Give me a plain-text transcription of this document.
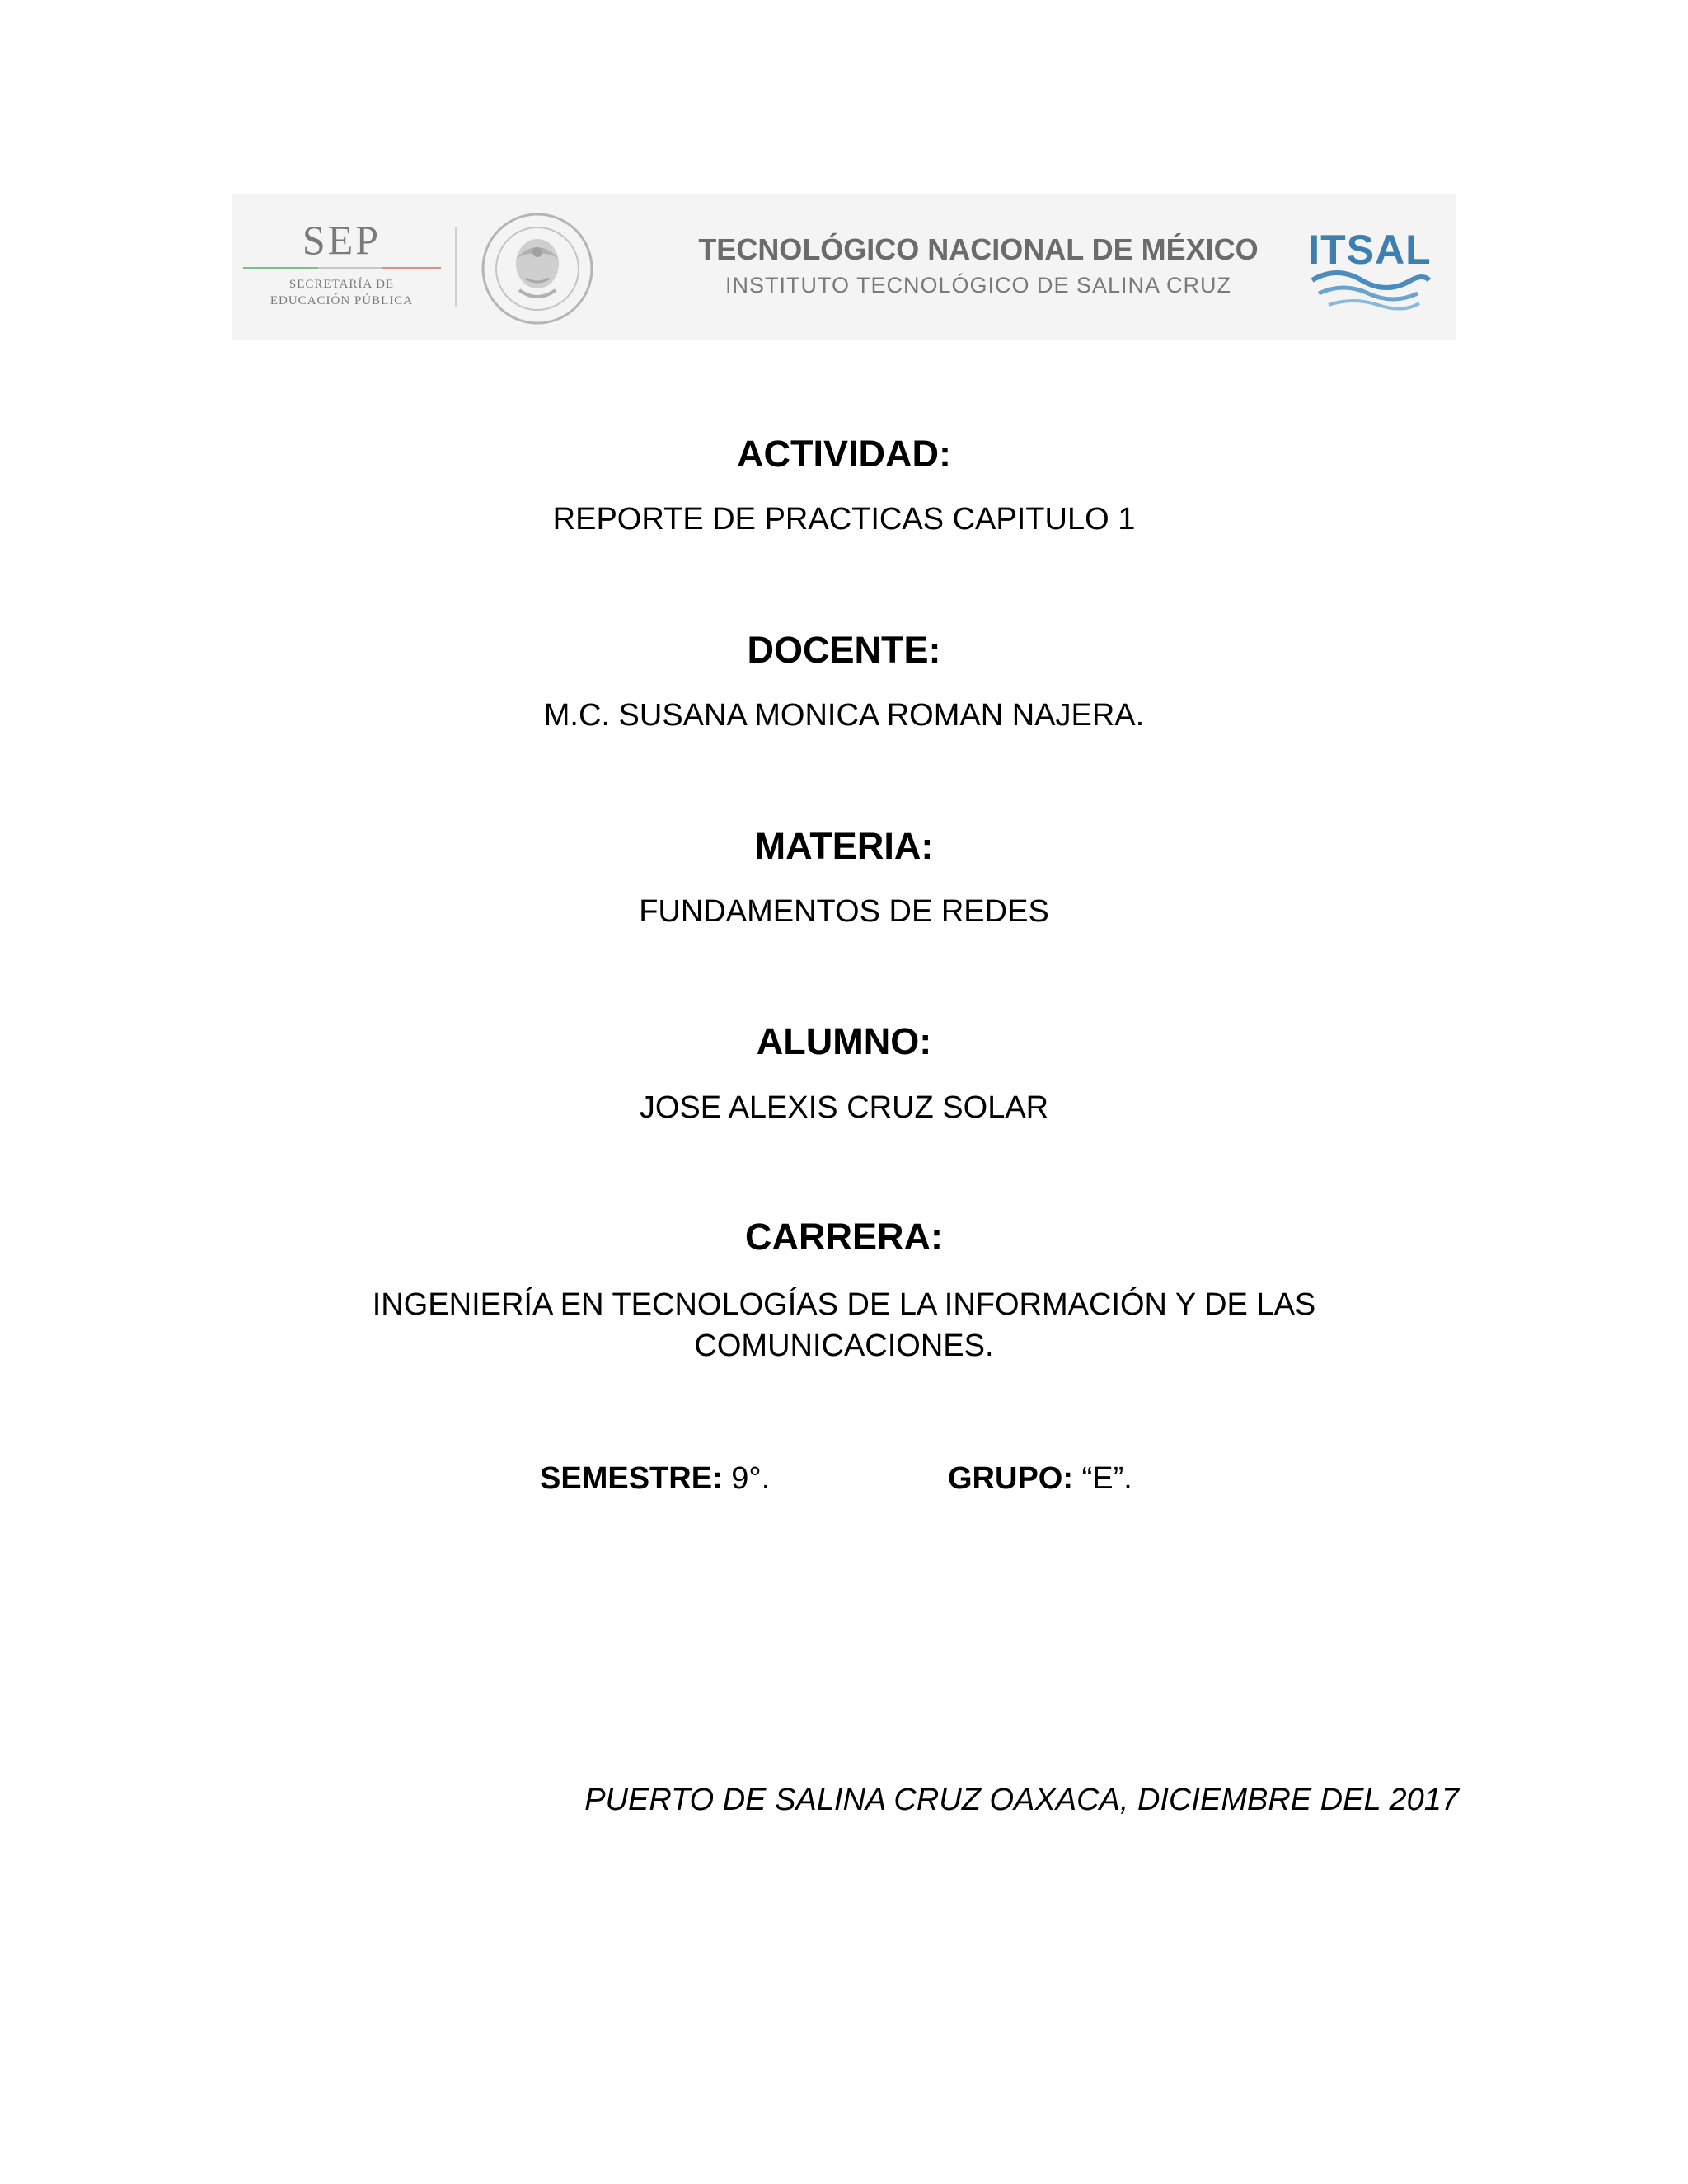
SEP
SECRETARÍA DE
EDUCACIÓN PÚBLICA
TECNOLÓGICO NACIONAL DE MÉXICO
INSTITUTO TECNOLÓGICO DE SALINA CRUZ
ITSAL
ACTIVIDAD:
REPORTE DE PRACTICAS CAPITULO 1
DOCENTE:
M.C. SUSANA MONICA ROMAN NAJERA.
MATERIA:
FUNDAMENTOS DE REDES
ALUMNO:
JOSE ALEXIS CRUZ SOLAR
CARRERA:
INGENIERÍA EN TECNOLOGÍAS DE LA INFORMACIÓN Y DE LAS
COMUNICACIONES.
SEMESTRE: 9°.	GRUPO: “E”.
PUERTO DE SALINA CRUZ OAXACA, DICIEMBRE DEL 2017
